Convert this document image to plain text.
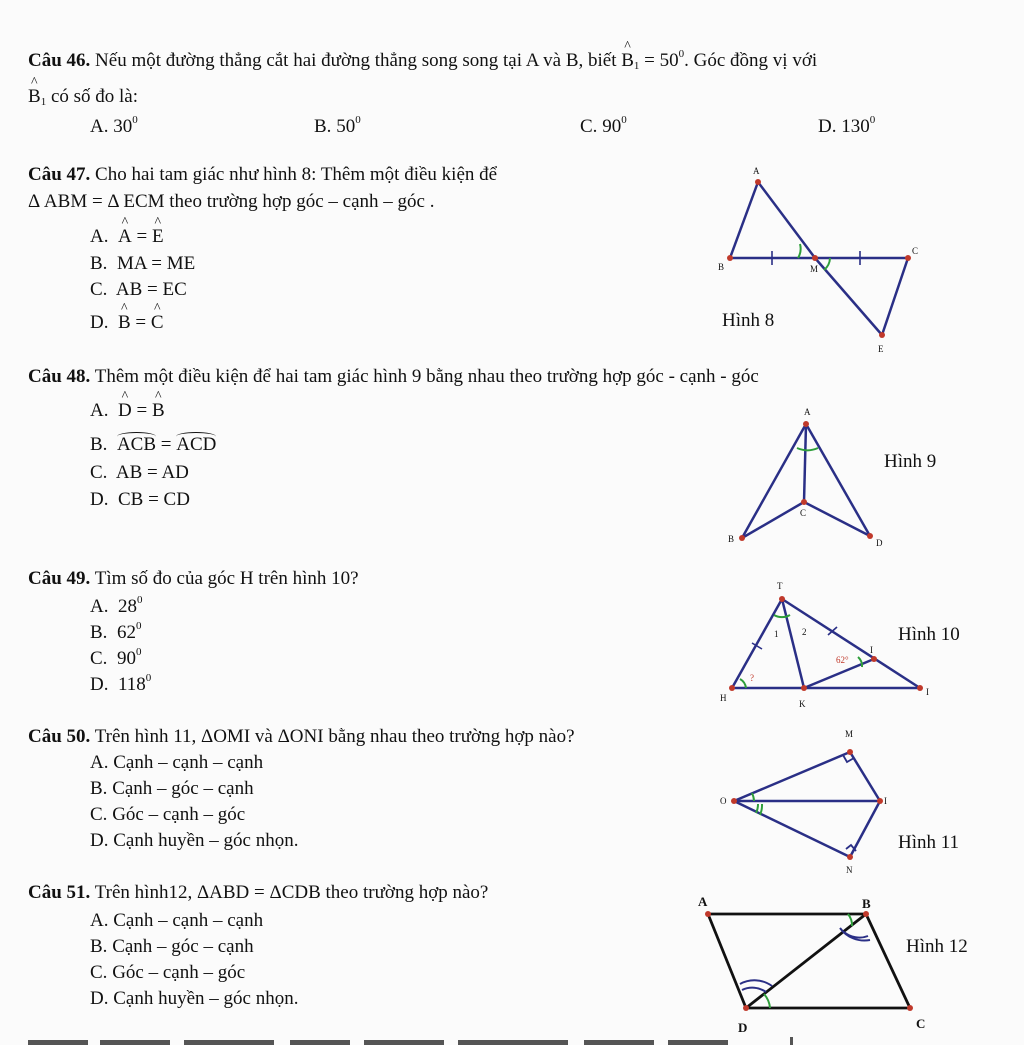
Câu 46. Nếu một đường thẳng cắt hai đường thẳng song song tại A và B, biết ^ $B_1 = 50^0$. Góc đồng vị với
^ $B_1$ có số đo là:
A. $30^0$	B. $50^0$	C. $90^0$	D. $130^0$
Câu 47. Cho hai tam giác như hình 8: Thêm một điều kiện để
Δ ABM = Δ ECM theo trường hợp góc – cạnh – góc .
A. ^ A = ^ E
B. MA = ME
C. AB = EC
D. ^ B = ^ C
A
B	M
C
E
Hình 8
Câu 48. Thêm một điều kiện để hai tam giác hình 9 bằng nhau theo trường hợp góc - cạnh - góc
A. ^ D = ^ B
B. ACB = ACD
C. AB = AD
D. CB = CD
A
C
B	D
Hình 9
Câu 49. Tìm số đo của góc H trên hình 10?
A. $28^0$
B. $62^0$
C. $90^0$
D. $118^0$
T
H
K
I
I
1	2
62°
?
Hình 10
Câu 50. Trên hình 11, ΔOMI và ΔONI bằng nhau theo trường hợp nào?
A. Cạnh – cạnh – cạnh
B. Cạnh – góc – cạnh
C. Góc – cạnh – góc
D. Cạnh huyền – góc nhọn.
M
O	I
N
Hình 11
Câu 51. Trên hình12, ΔABD = ΔCDB theo trường hợp nào?
A. Cạnh – cạnh – cạnh
B. Cạnh – góc – cạnh
C. Góc – cạnh – góc
D. Cạnh huyền – góc nhọn.
A	B
D	C
Hình 12
